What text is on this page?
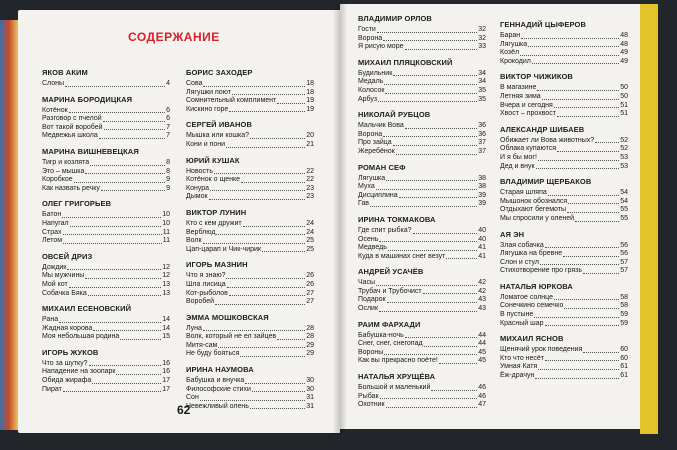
СОДЕРЖАНИЕ
ЯКОВ АКИМ
Слоны	4
МАРИНА БОРОДИЦКАЯ
Котёнок	6
Разговор с пчелой	6
Вот такой воробей	7
Медвежья школа	7
МАРИНА ВИШНЕВЕЦКАЯ
Тигр и козлята	8
Это – мышка	8
Коробкое	9
Как назвать речку	9
ОЛЕГ ГРИГОРЬЕВ
Батон	10
Напугал	10
Страх	11
Летом	11
ОВСЕЙ ДРИЗ
Дождик	12
Мы мужчины	12
Мой кот	13
Собачка Бяка	13
МИХАИЛ ЕСЕНОВСКИЙ
Рана	14
Жадная корова	14
Моя небольшая родина	15
ИГОРЬ ЖУКОВ
Что за шутку?	16
Нападение на зоопарк	16
Обида жирафа	17
Пират	17
БОРИС ЗАХОДЕР
Сова	18
Лягушки поют	18
Сомнительный комплимент	19
Кискино горе	19
СЕРГЕЙ ИВАНОВ
Мышка или кошка?	20
Кони и пони	21
ЮРИЙ КУШАК
Новость	22
Котёнок о щенке	22
Конура	23
Дымок	23
ВИКТОР ЛУНИН
Кто с кем дружит	24
Верблюд	24
Волк	25
Цап-царап и Чик-чирик	25
ИГОРЬ МАЗНИН
Что я знаю?	26
Шла лисица	26
Кот-рыболов	27
Воробей	27
ЭММА МОШКОВСКАЯ
Луна	28
Волк, который не ел зайцев	28
Митя-сам	29
Не буду бояться	29
ИРИНА НАУМОВА
Бабушка и внучка	30
Философские стихи	30
Сон	31
Невежливый олень	31
ВЛАДИМИР ОРЛОВ
Гости	32
Ворона	32
Я рисую море	33
МИХАИЛ ПЛЯЦКОВСКИЙ
Будильник	34
Медаль	34
Колосок	35
Арбуз	35
НИКОЛАЙ РУБЦОВ
Мальчик Вова	36
Ворона	36
Про зайца	37
Жеребёнок	37
РОМАН СЕФ
Лягушка	38
Муха	38
Дисциплина	39
Гав	39
ИРИНА ТОКМАКОВА
Где спит рыбка?	40
Осень	40
Медведь	41
Куда в машинах снег везут	41
АНДРЕЙ УСАЧЁВ
Часы	42
Трубач и Трубочист	42
Подарок	43
Ослик	43
РАИМ ФАРХАДИ
Бабушка-ночь	44
Снег, снег, снегопад	44
Вороны	45
Как вы прекрасно поёте!	45
НАТАЛЬЯ ХРУЩЁВА
Большой и маленький	46
Рыбак	46
Охотник	47
ГЕННАДИЙ ЦЫФЕРОВ
Баран	48
Лягушка	48
Козёл	49
Крокодил	49
ВИКТОР ЧИЖИКОВ
В магазине	50
Летняя зима	50
Вчера и сегодня	51
Хвост – прохвост	51
АЛЕКСАНДР ШИБАЕВ
Обижает ли Вова животных?	52
Облака купаются	52
И я бы мог!	53
Дед и внук	53
ВЛАДИМИР ЩЕРБАКОВ
Старая шляпа	54
Мышонок обознался	54
Отдыхают бегемоты	55
Мы спросили у оленей	55
АЯ ЭН
Злая собачка	56
Лягушка на бревне	56
Слон и стул	57
Стихотворение про грязь	57
НАТАЛЬЯ ЮРКОВА
Ломатое солнце	58
Сонечкино семечко	58
В пустыне	59
Красный шар	59
МИХАИЛ ЯСНОВ
Щенячий урок поведения	60
Кто что несёт	60
Умная Катя	61
Ёж-драчун	61
62
